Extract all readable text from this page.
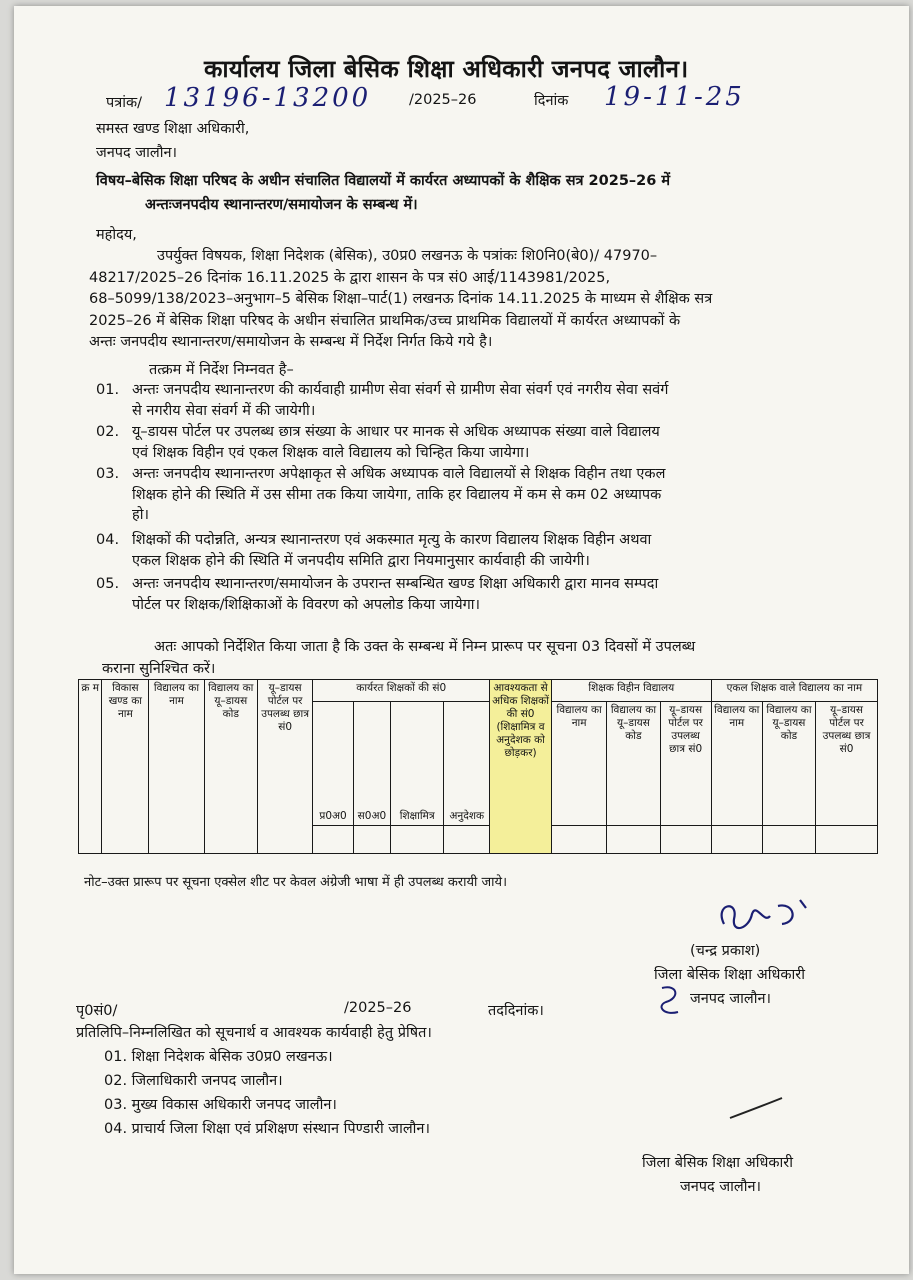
कार्यालय जिला बेसिक शिक्षा अधिकारी जनपद जालौन।
पत्रांक/ 13196-13200	/2025–26	दिनांक 19-11-25
समस्त खण्ड शिक्षा अधिकारी,
जनपद जालौन।
विषय–बेसिक शिक्षा परिषद के अधीन संचालित विद्यालयों में कार्यरत अध्यापकों के शैक्षिक सत्र 2025–26 में
अन्तःजनपदीय स्थानान्तरण/समायोजन के सम्बन्ध में।
महोदय,

उपर्युक्त विषयक, शिक्षा निदेशक (बेसिक), उ0प्र0 लखनऊ के पत्रांकः शि0नि0(बे0)/ 47970–

48217/2025–26 दिनांक 16.11.2025 के द्वारा शासन के पत्र सं0 आई/1143981/2025,

68–5099/138/2023–अनुभाग–5 बेसिक शिक्षा–पार्ट(1) लखनऊ दिनांक 14.11.2025 के माध्यम से शैक्षिक सत्र

2025–26 में बेसिक शिक्षा परिषद के अधीन संचालित प्राथमिक/उच्च प्राथमिक विद्यालयों में कार्यरत अध्यापकों के

अन्तः जनपदीय स्थानान्तरण/समायोजन के सम्बन्ध में निर्देश निर्गत किये गये है।

तत्क्रम में निर्देश निम्नवत है–
01. अन्तः जनपदीय स्थानान्तरण की कार्यवाही ग्रामीण सेवा संवर्ग से ग्रामीण सेवा संवर्ग एवं नगरीय सेवा सवंर्ग
से नगरीय सेवा संवर्ग में की जायेगी।
02. यू–डायस पोर्टल पर उपलब्ध छात्र संख्या के आधार पर मानक से अधिक अध्यापक संख्या वाले विद्यालय
एवं शिक्षक विहीन एवं एकल शिक्षक वाले विद्यालय को चिन्हित किया जायेगा।
03. अन्तः जनपदीय स्थानान्तरण अपेक्षाकृत से अधिक अध्यापक वाले विद्यालयों से शिक्षक विहीन तथा एकल
शिक्षक होने की स्थिति में उस सीमा तक किया जायेगा, ताकि हर विद्यालय में कम से कम 02 अध्यापक
हो।
04. शिक्षकों की पदोन्नति, अन्यत्र स्थानान्तरण एवं अकस्मात मृत्यु के कारण विद्यालय शिक्षक विहीन अथवा
एकल शिक्षक होने की स्थिति में जनपदीय समिति द्वारा नियमानुसार कार्यवाही की जायेगी।
05. अन्तः जनपदीय स्थानान्तरण/समायोजन के उपरान्त सम्बन्धित खण्ड शिक्षा अधिकारी द्वारा मानव सम्पदा
पोर्टल पर शिक्षक/शिक्षिकाओं के विवरण को अपलोड किया जायेगा।
अतः आपको निर्देशित किया जाता है कि उक्त के सम्बन्ध में निम्न प्रारूप पर सूचना 03 दिवसों में उपलब्ध
कराना सुनिश्चित करें।
क्र म	विकास खण्ड का नाम	विद्यालय का नाम	विद्यालय का यू–डायस कोड	यू–डायस पोर्टल पर उपलब्ध छात्र सं0	कार्यरत शिक्षकों की सं0				आवश्यकता से अधिक शिक्षकों की सं0 (शिक्षामित्र व अनुदेशक को छोड़कर)	शिक्षक विहीन विद्यालय			एकल शिक्षक वाले विद्यालय का नाम		
					प्र0अ0	स0अ0	शिक्षामित्र	अनुदेशक		विद्यालय का नाम	विद्यालय का यू–डायस कोड	यू–डायस पोर्टल पर उपलब्ध छात्र सं0	विद्यालय का नाम	विद्यालय का यू–डायस कोड	यू–डायस पोर्टल पर उपलब्ध छात्र सं0

नोट–उक्त प्रारूप पर सूचना एक्सेल शीट पर केवल अंग्रेजी भाषा में ही उपलब्ध करायी जाये।
(चन्द्र प्रकाश)
जिला बेसिक शिक्षा अधिकारी
जनपद जालौन।
पृ0सं0/	/2025–26	तददिनांक।
प्रतिलिपि–निम्नलिखित को सूचनार्थ व आवश्यक कार्यवाही हेतु प्रेषित।
01. शिक्षा निदेशक बेसिक उ0प्र0 लखनऊ।
02. जिलाधिकारी जनपद जालौन।
03. मुख्य विकास अधिकारी जनपद जालौन।
04. प्राचार्य जिला शिक्षा एवं प्रशिक्षण संस्थान पिण्डारी जालौन।
जिला बेसिक शिक्षा अधिकारी
जनपद जालौन।
